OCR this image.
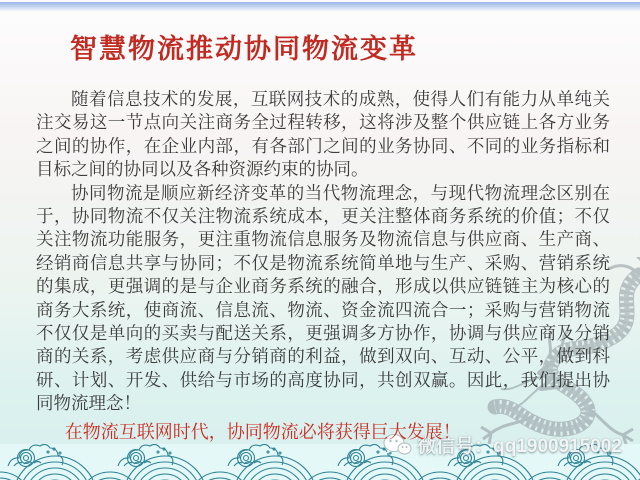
智慧物流推动协同物流变革

随着信息技术的发展，互联网技术的成熟，使得人们有能力从单纯关注交易这一节点向关注商务全过程转移，这将涉及整个供应链上各方业务之间的协作，在企业内部，有各部门之间的业务协同、不同的业务指标和目标之间的协同以及各种资源约束的协同。

协同物流是顺应新经济变革的当代物流理念，与现代物流理念区别在于，协同物流不仅关注物流系统成本，更关注整体商务系统的价值；不仅关注物流功能服务，更注重物流信息服务及物流信息与供应商、生产商、经销商信息共享与协同；不仅是物流系统简单地与生产、采购、营销系统的集成，更强调的是与企业商务系统的融合，形成以供应链链主为核心的商务大系统，使商流、信息流、物流、资金流四流合一；采购与营销物流不仅仅是单向的买卖与配送关系，更强调多方协作，协调与供应商及分销商的关系，考虑供应商与分销商的利益，做到双向、互动、公平，做到科研、计划、开发、供给与市场的高度协同，共创双赢。因此，我们提出协同物流理念！

在物流互联网时代，协同物流必将获得巨大发展！
微信号：qq1900915002
